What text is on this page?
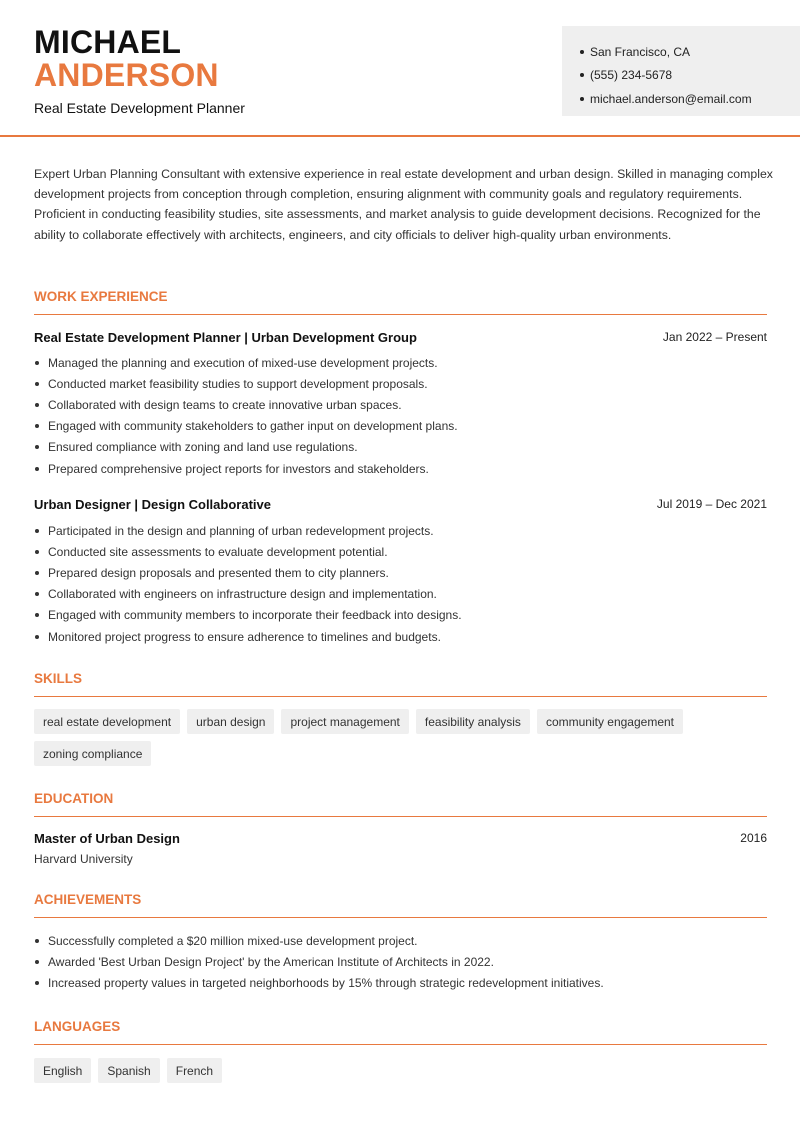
MICHAEL
ANDERSON
Real Estate Development Planner
San Francisco, CA
(555) 234-5678
michael.anderson@email.com
Expert Urban Planning Consultant with extensive experience in real estate development and urban design. Skilled in managing complex development projects from conception through completion, ensuring alignment with community goals and regulatory requirements. Proficient in conducting feasibility studies, site assessments, and market analysis to guide development decisions. Recognized for the ability to collaborate effectively with architects, engineers, and city officials to deliver high-quality urban environments.
WORK EXPERIENCE
Real Estate Development Planner | Urban Development Group	Jan 2022 – Present
Managed the planning and execution of mixed-use development projects.
Conducted market feasibility studies to support development proposals.
Collaborated with design teams to create innovative urban spaces.
Engaged with community stakeholders to gather input on development plans.
Ensured compliance with zoning and land use regulations.
Prepared comprehensive project reports for investors and stakeholders.
Urban Designer | Design Collaborative	Jul 2019 – Dec 2021
Participated in the design and planning of urban redevelopment projects.
Conducted site assessments to evaluate development potential.
Prepared design proposals and presented them to city planners.
Collaborated with engineers on infrastructure design and implementation.
Engaged with community members to incorporate their feedback into designs.
Monitored project progress to ensure adherence to timelines and budgets.
SKILLS
real estate development	urban design	project management	feasibility analysis	community engagement
zoning compliance
EDUCATION
Master of Urban Design	2016
Harvard University
ACHIEVEMENTS
Successfully completed a $20 million mixed-use development project.
Awarded 'Best Urban Design Project' by the American Institute of Architects in 2022.
Increased property values in targeted neighborhoods by 15% through strategic redevelopment initiatives.
LANGUAGES
English	Spanish	French
